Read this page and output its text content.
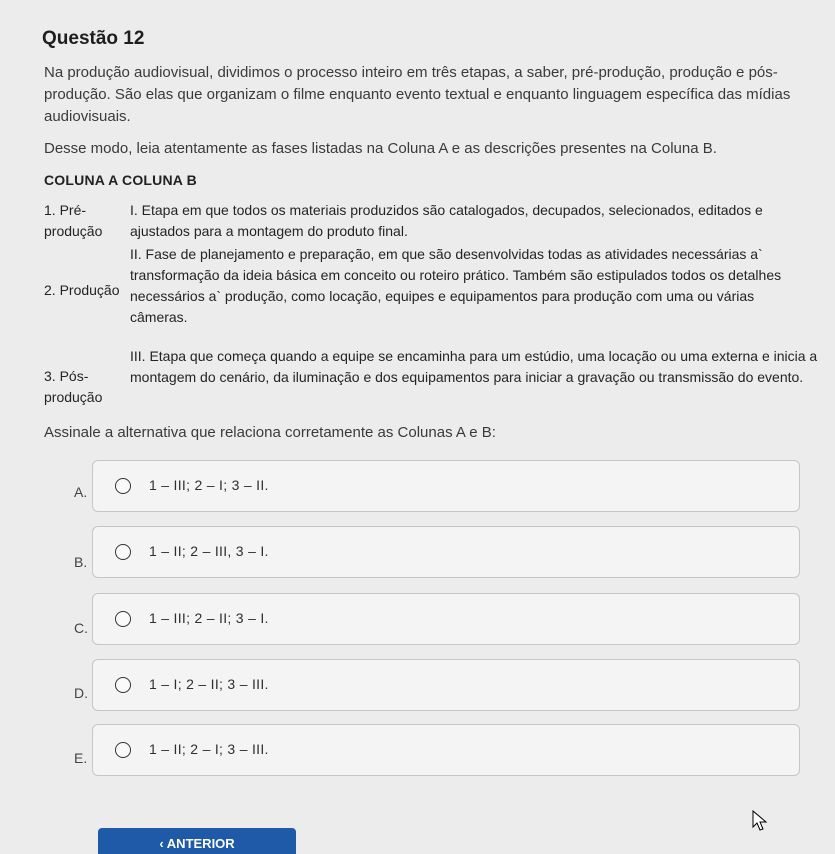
Questão 12
Na produção audiovisual, dividimos o processo inteiro em três etapas, a saber, pré-produção, produção e pós-produção. São elas que organizam o filme enquanto evento textual e enquanto linguagem específica das mídias audiovisuais.
Desse modo, leia atentamente as fases listadas na Coluna A e as descrições presentes na Coluna B.
COLUNA A COLUNA B
1. Pré-produção
I. Etapa em que todos os materiais produzidos são catalogados, decupados, selecionados, editados e ajustados para a montagem do produto final.
II. Fase de planejamento e preparação, em que são desenvolvidas todas as atividades necessárias a` transformação da ideia básica em conceito ou roteiro prático. Também são estipulados todos os detalhes necessários a` produção, como locação, equipes e equipamentos para produção com uma ou várias câmeras.
2. Produção
III. Etapa que começa quando a equipe se encaminha para um estúdio, uma locação ou uma externa e inicia a montagem do cenário, da iluminação e dos equipamentos para iniciar a gravação ou transmissão do evento.
3. Pós-produção
Assinale a alternativa que relaciona corretamente as Colunas A e B:
A.	1 – III; 2 – I; 3 – II.
B.
1 – II; 2 – III, 3 – I.
C.
1 – III; 2 – II; 3 – I.
D.
1 – I; 2 – II; 3 – III.
E.
1 – II; 2 – I; 3 – III.
‹ ANTERIOR
